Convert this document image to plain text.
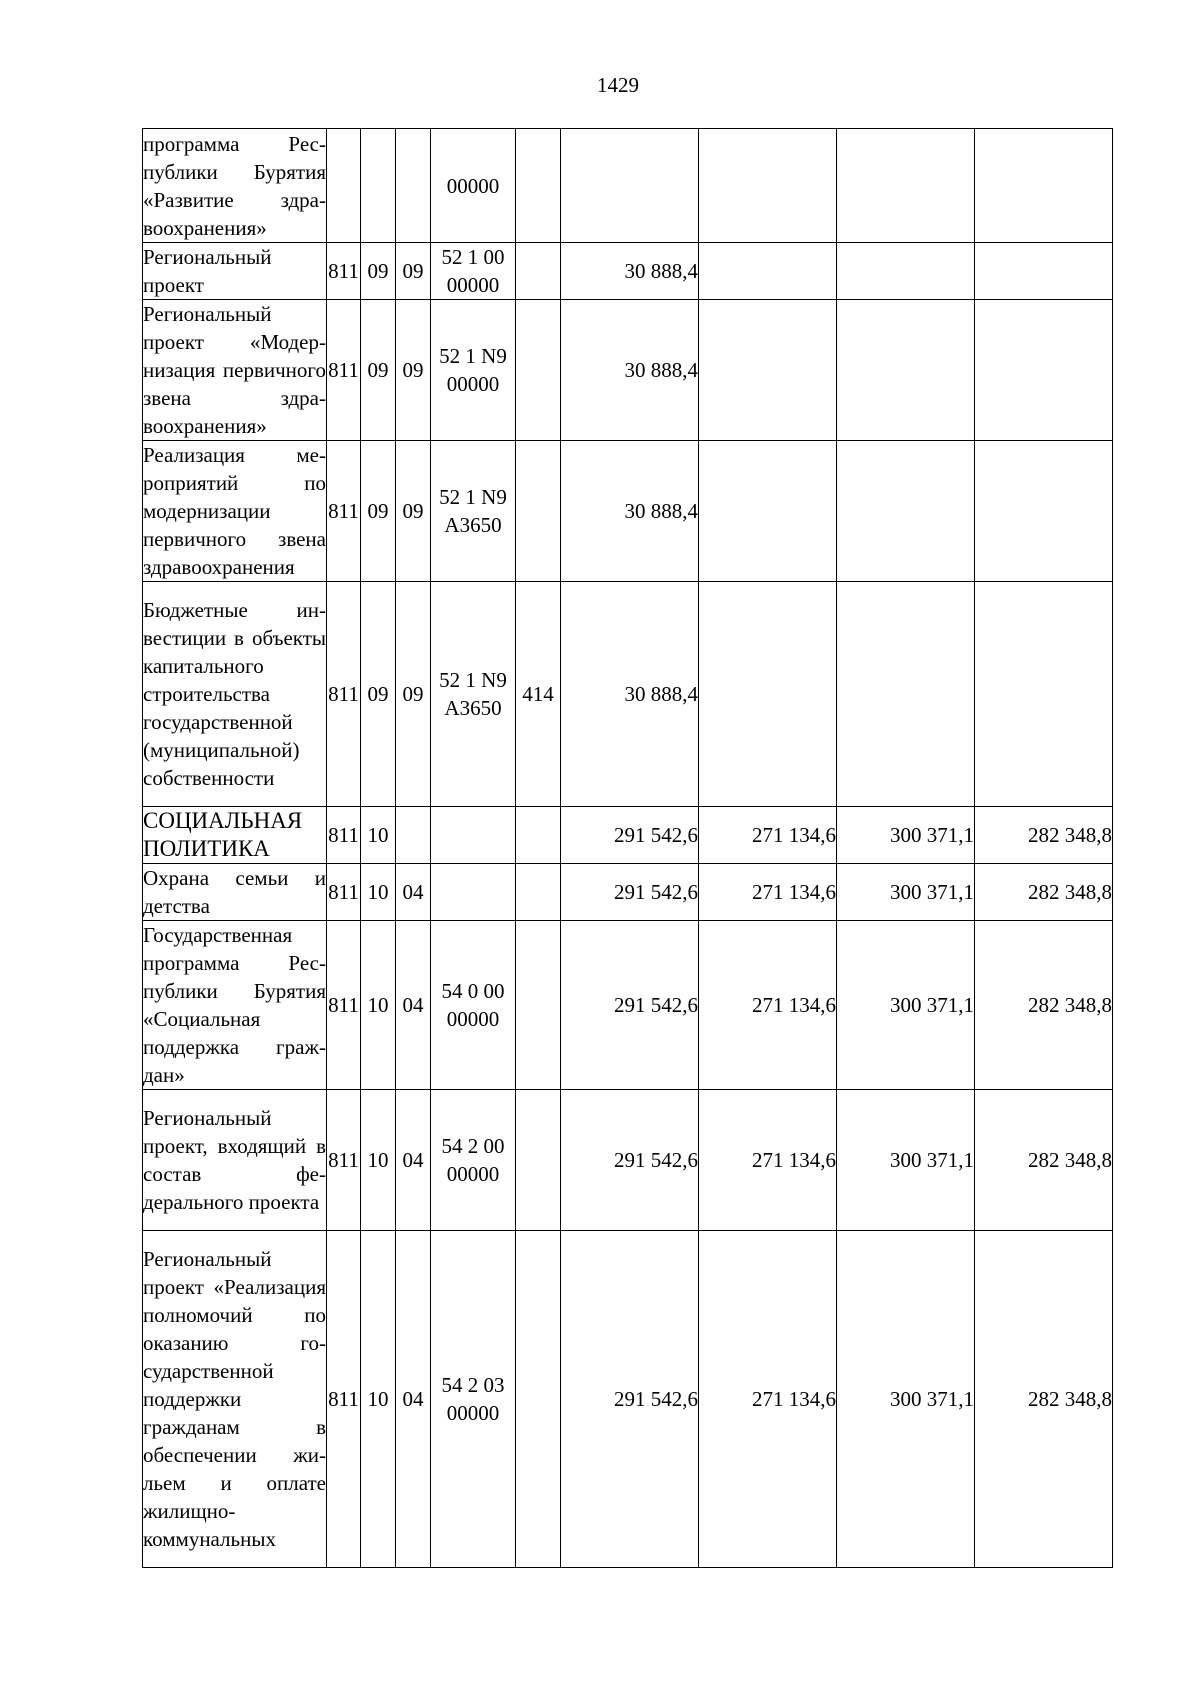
1429
программа Республики Бурятия «Развитие здравоохранения»				00000					
Региональный проект	811	09	09	52 1 00 00000		30 888,4			
Региональный проект «Модернизация первичного звена здравоохранения»	811	09	09	52 1 N9 00000		30 888,4			
Реализация мероприятий по модернизации первичного звена здравоохранения	811	09	09	52 1 N9 A3650		30 888,4			
Бюджетные инвестиции в объекты капитального строительства государственной (муниципальной) собственности	811	09	09	52 1 N9 A3650	414	30 888,4			
СОЦИАЛЬНАЯ ПОЛИТИКА	811	10				291 542,6	271 134,6	300 371,1	282 348,8
Охрана семьи и детства	811	10	04			291 542,6	271 134,6	300 371,1	282 348,8
Государственная программа Республики Бурятия «Социальная поддержка граждан»	811	10	04	54 0 00 00000		291 542,6	271 134,6	300 371,1	282 348,8
Региональный проект, входящий в состав федерального проекта	811	10	04	54 2 00 00000		291 542,6	271 134,6	300 371,1	282 348,8
Региональный проект «Реализация полномочий по оказанию го- сударственной поддержки гражданам в обеспечении жильем и оплате жилищно- коммунальных	811	10	04	54 2 03 00000		291 542,6	271 134,6	300 371,1	282 348,8
